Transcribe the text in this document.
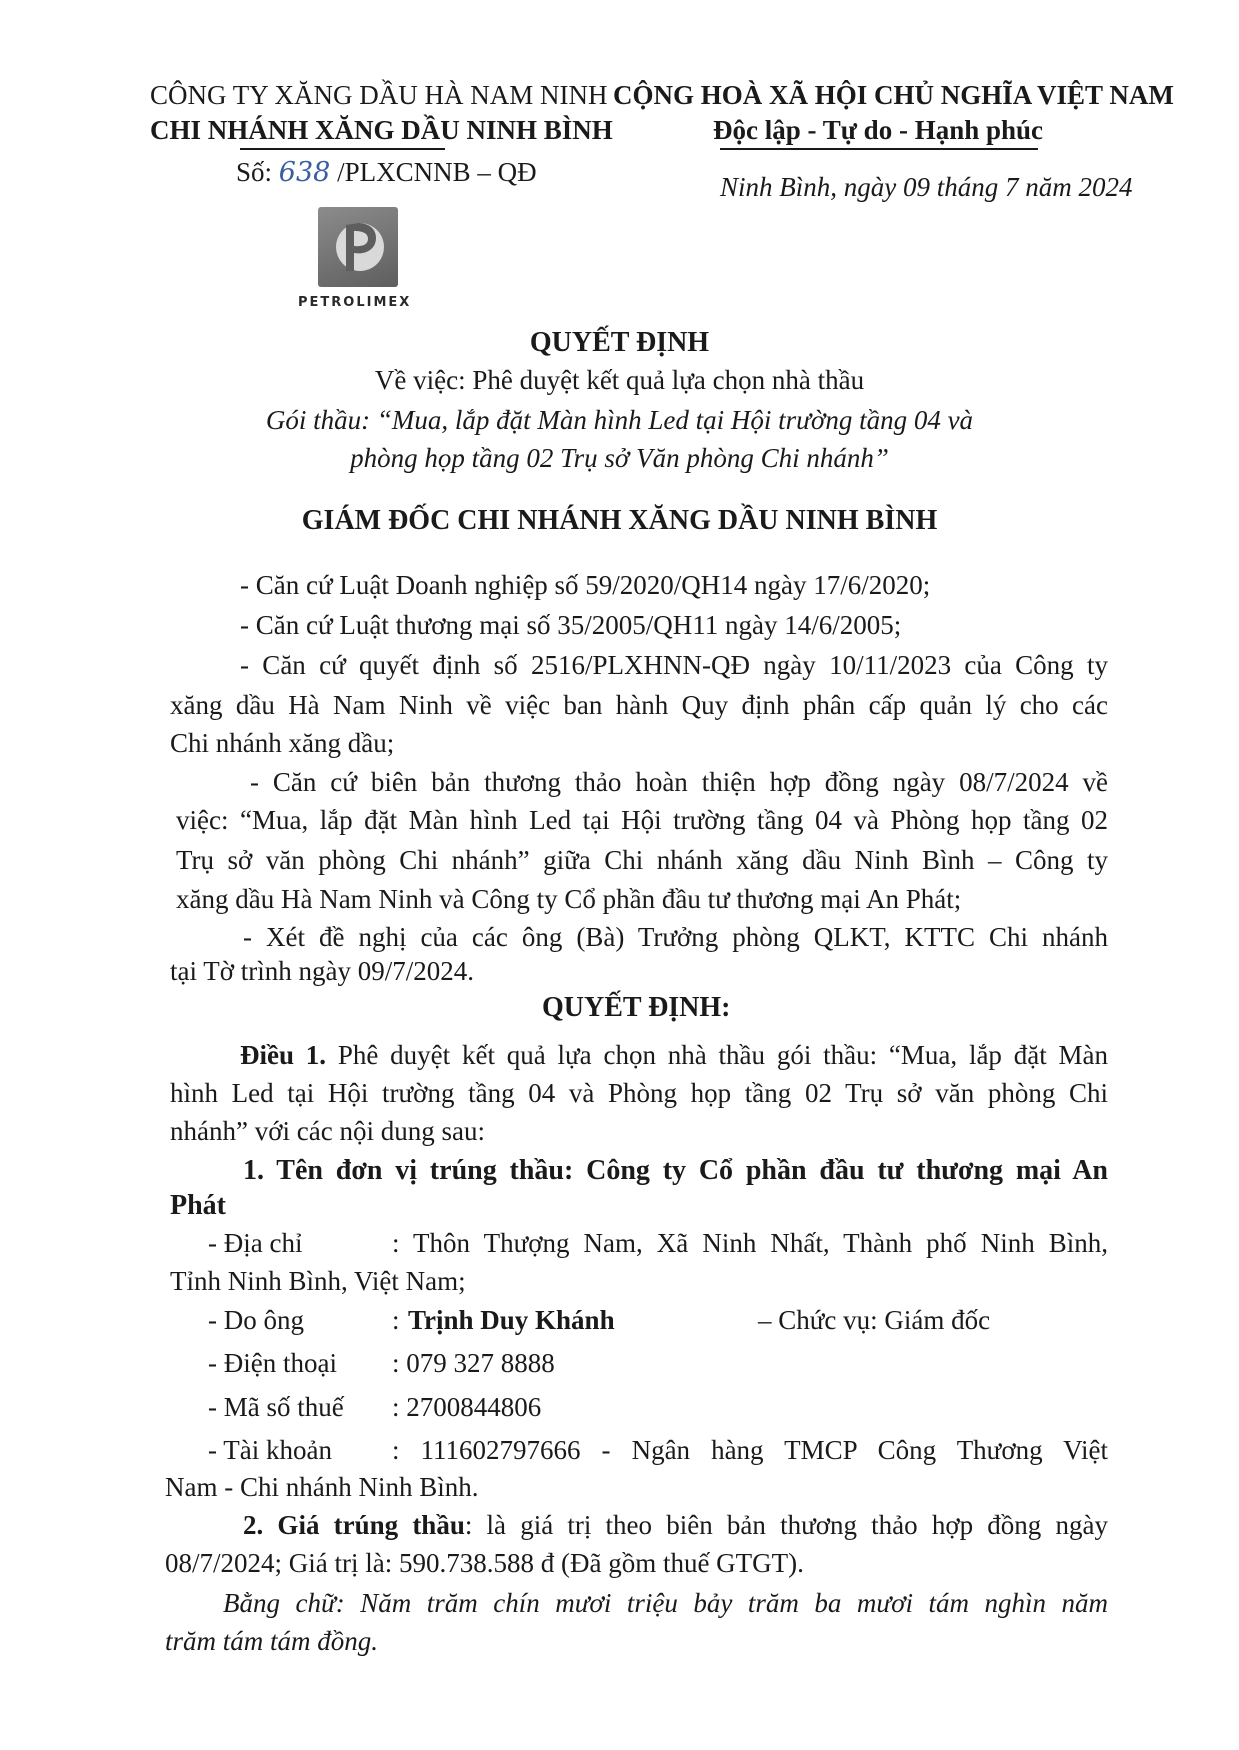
CÔNG TY XĂNG DẦU HÀ NAM NINH
CHI NHÁNH XĂNG DẦU NINH BÌNH
Số: 638 /PLXCNNB – QĐ
PETROLIMEX
CỘNG HOÀ XÃ HỘI CHỦ NGHĨA VIỆT NAM
Độc lập - Tự do - Hạnh phúc
Ninh Bình, ngày 09 tháng 7 năm 2024
QUYẾT ĐỊNH
Về việc: Phê duyệt kết quả lựa chọn nhà thầu
Gói thầu: “Mua, lắp đặt Màn hình Led tại Hội trường tầng 04 và
phòng họp tầng 02 Trụ sở Văn phòng Chi nhánh”
GIÁM ĐỐC CHI NHÁNH XĂNG DẦU NINH BÌNH
- Căn cứ Luật Doanh nghiệp số 59/2020/QH14 ngày 17/6/2020;
- Căn cứ Luật thương mại số 35/2005/QH11 ngày 14/6/2005;
- Căn cứ quyết định số 2516/PLXHNN-QĐ ngày 10/11/2023 của Công ty
xăng dầu Hà Nam Ninh về việc ban hành Quy định phân cấp quản lý cho các
Chi nhánh xăng dầu;
- Căn cứ biên bản thương thảo hoàn thiện hợp đồng ngày 08/7/2024 về
việc: “Mua, lắp đặt Màn hình Led tại Hội trường tầng 04 và Phòng họp tầng 02
Trụ sở văn phòng Chi nhánh” giữa Chi nhánh xăng dầu Ninh Bình – Công ty
xăng dầu Hà Nam Ninh và Công ty Cổ phần đầu tư thương mại An Phát;
- Xét đề nghị của các ông (Bà) Trưởng phòng QLKT, KTTC Chi nhánh
tại Tờ trình ngày 09/7/2024.
QUYẾT ĐỊNH:
Điều 1. Phê duyệt kết quả lựa chọn nhà thầu gói thầu: “Mua, lắp đặt Màn
hình Led tại Hội trường tầng 04 và Phòng họp tầng 02 Trụ sở văn phòng Chi
nhánh” với các nội dung sau:
1. Tên đơn vị trúng thầu: Công ty Cổ phần đầu tư thương mại An
Phát
- Địa chỉ	: Thôn Thượng Nam, Xã Ninh Nhất, Thành phố Ninh Bình,
Tỉnh Ninh Bình, Việt Nam;
- Do ông	: Trịnh Duy Khánh	– Chức vụ: Giám đốc
- Điện thoại : 079 327 8888
- Mã số thuế : 2700844806
- Tài khoản : 111602797666 - Ngân hàng TMCP Công Thương Việt
Nam - Chi nhánh Ninh Bình.
2. Giá trúng thầu: là giá trị theo biên bản thương thảo hợp đồng ngày
08/7/2024; Giá trị là: 590.738.588 đ (Đã gồm thuế GTGT).
Bằng chữ: Năm trăm chín mươi triệu bảy trăm ba mươi tám nghìn năm
trăm tám tám đồng.
